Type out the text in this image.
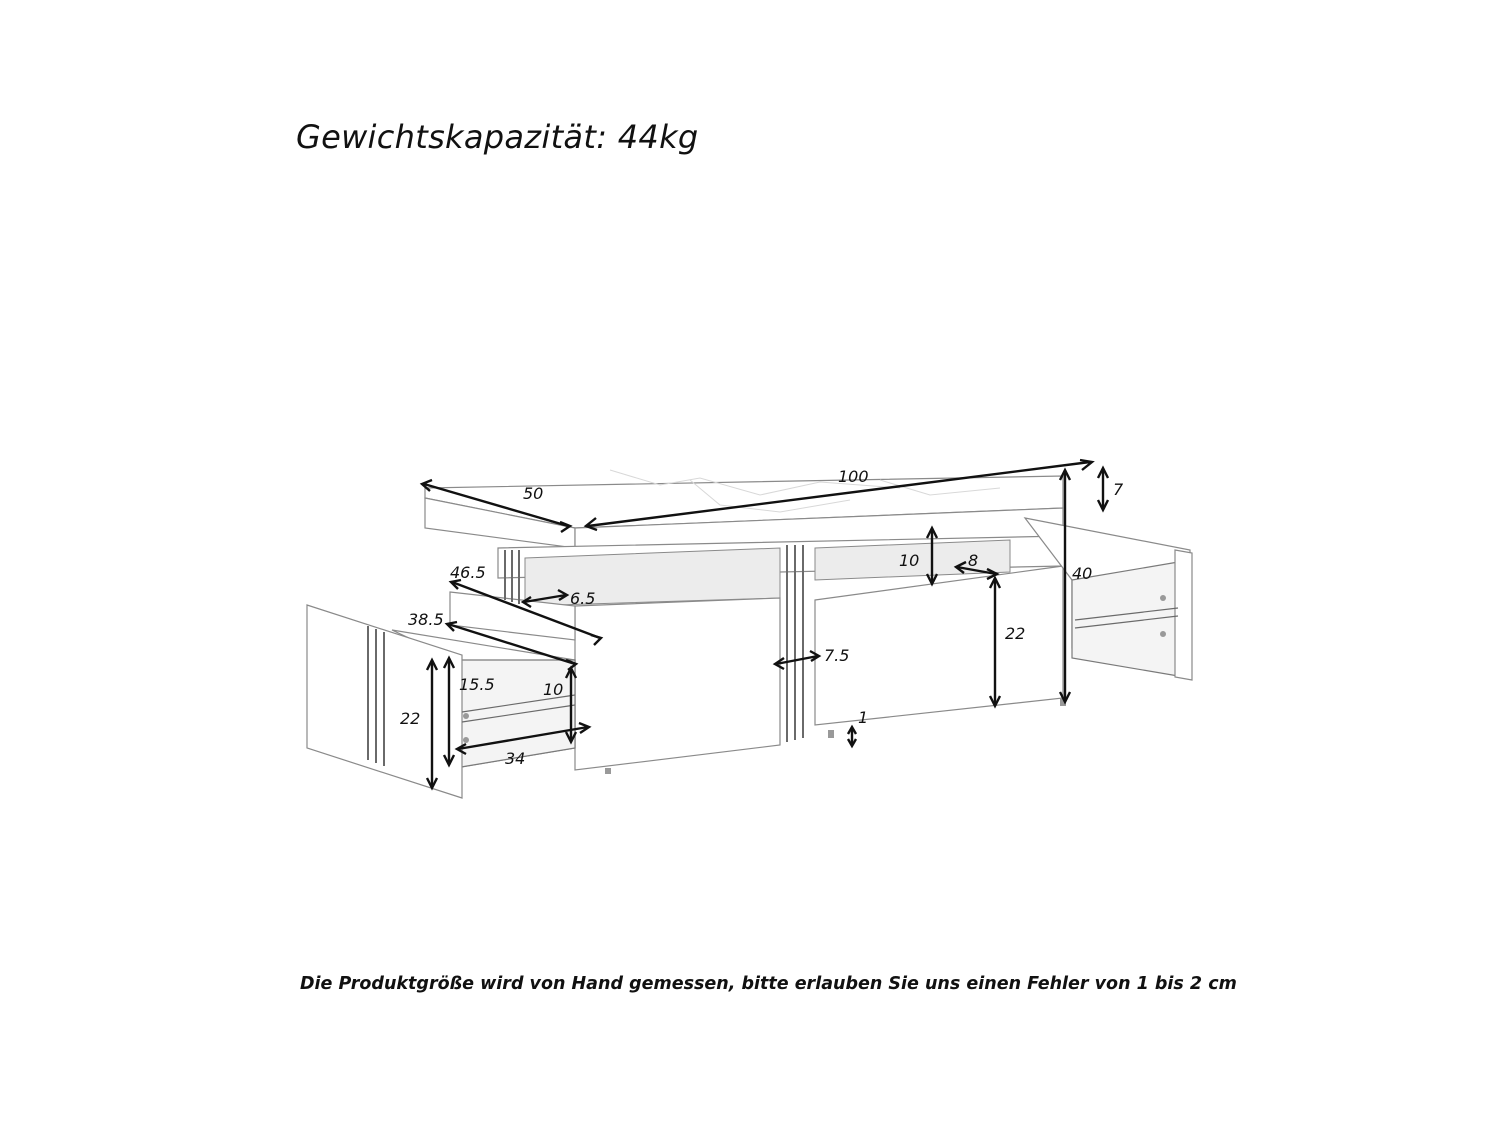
Gewichtskapazität: 44kg
100
50	7
40
10	8
22
46.5
6.5
38.5
15.5	10
22
34
7.5
1
Die Produktgröße wird von Hand gemessen, bitte erlauben Sie uns einen Fehler von 1 bis 2 cm
